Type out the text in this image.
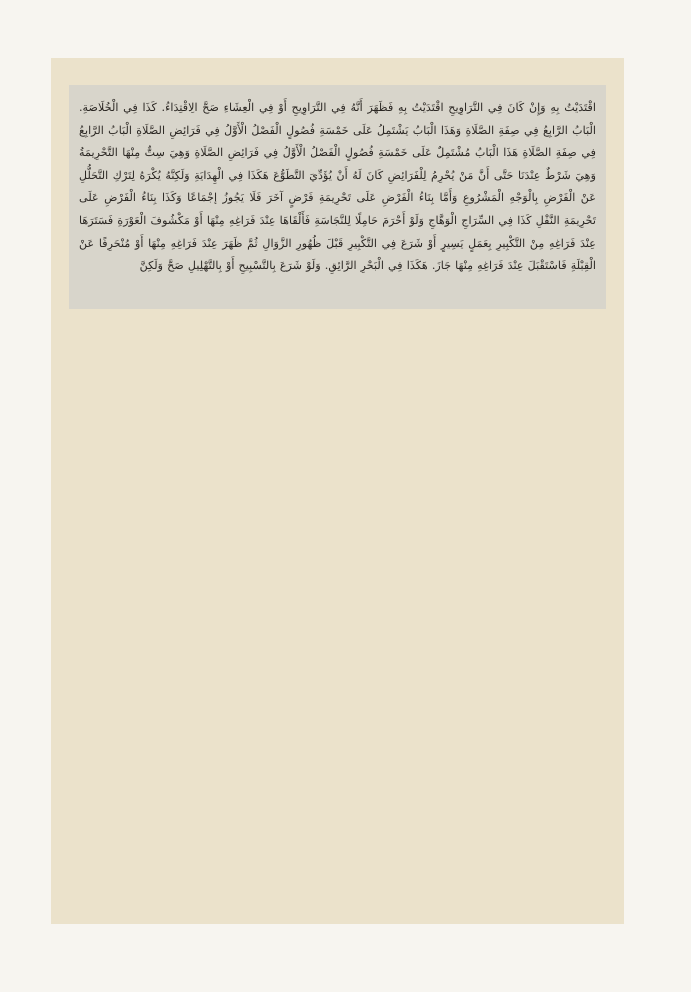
اقْتَدَيْتُ بِهِ وَإِنْ كَانَ فِي التَّرَاوِيحِ اقْتَدَيْتُ بِهِ فَظَهَرَ أَنَّهُ فِي التَّرَاوِيحِ أَوْ فِي الْعِشَاءِ صَحَّ الِاقْتِدَاءُ. كَذَا فِي الْخُلَاصَةِ. الْبَابُ الرَّابِعُ فِي صِفَةِ الصَّلَاةِ وَهَذَا الْبَابُ يَشْتَمِلُ عَلَى خَمْسَةِ فُصُولٍ الْفَصْلُ الْأَوَّلُ فِي فَرَائِضِ الصَّلَاةِ الْبَابُ الرَّابِعُ فِي صِفَةِ الصَّلَاةِ هَذَا الْبَابُ مُشْتَمِلٌ عَلَى خَمْسَةِ فُصُولٍ الْفَصْلُ الْأَوَّلُ فِي فَرَائِضِ الصَّلَاةِ وَهِيَ سِتٌّ مِنْهَا التَّحْرِيمَةُ وَهِيَ شَرْطٌ عِنْدَنَا حَتَّى أَنَّ مَنْ يُحْرِمُ لِلْفَرَائِضِ كَانَ لَهُ أَنْ يُؤَدِّيَ التَّطَوُّعَ هَكَذَا فِي الْهِدَايَةِ وَلَكِنَّهُ يُكْرَهُ لِتَرْكِ التَّحَلُّلِ عَنْ الْفَرْضِ بِالْوَجْهِ الْمَشْرُوعِ وَأَمَّا بِنَاءُ الْفَرْضِ عَلَى تَحْرِيمَةِ فَرْضٍ آخَرَ فَلَا يَجُوزُ إجْمَاعًا وَكَذَا بِنَاءُ الْفَرْضِ عَلَى تَحْرِيمَةِ النَّفْلِ كَذَا فِي السِّرَاجِ الْوَهَّاجِ وَلَوْ أَحْرَمَ حَامِلًا لِلنَّجَاسَةِ فَأَلْقَاهَا عِنْدَ فَرَاغِهِ مِنْهَا أَوْ مَكْشُوفَ الْعَوْرَةِ فَسَتَرَهَا عِنْدَ فَرَاغِهِ مِنْ التَّكْبِيرِ بِعَمَلٍ يَسِيرٍ أَوْ شَرَعَ فِي التَّكْبِيرِ قَبْلَ ظُهُورِ الزَّوَالِ ثُمَّ ظَهَرَ عِنْدَ فَرَاغِهِ مِنْهَا أَوْ مُنْحَرِفًا عَنْ الْقِبْلَةِ فَاسْتَقْبَلَ عِنْدَ فَرَاغِهِ مِنْهَا جَازَ. هَكَذَا فِي الْبَحْرِ الرَّائِقِ. وَلَوْ شَرَعَ بِالتَّسْبِيحِ أَوْ بِالتَّهْلِيلِ صَحَّ وَلَكِنَّ
